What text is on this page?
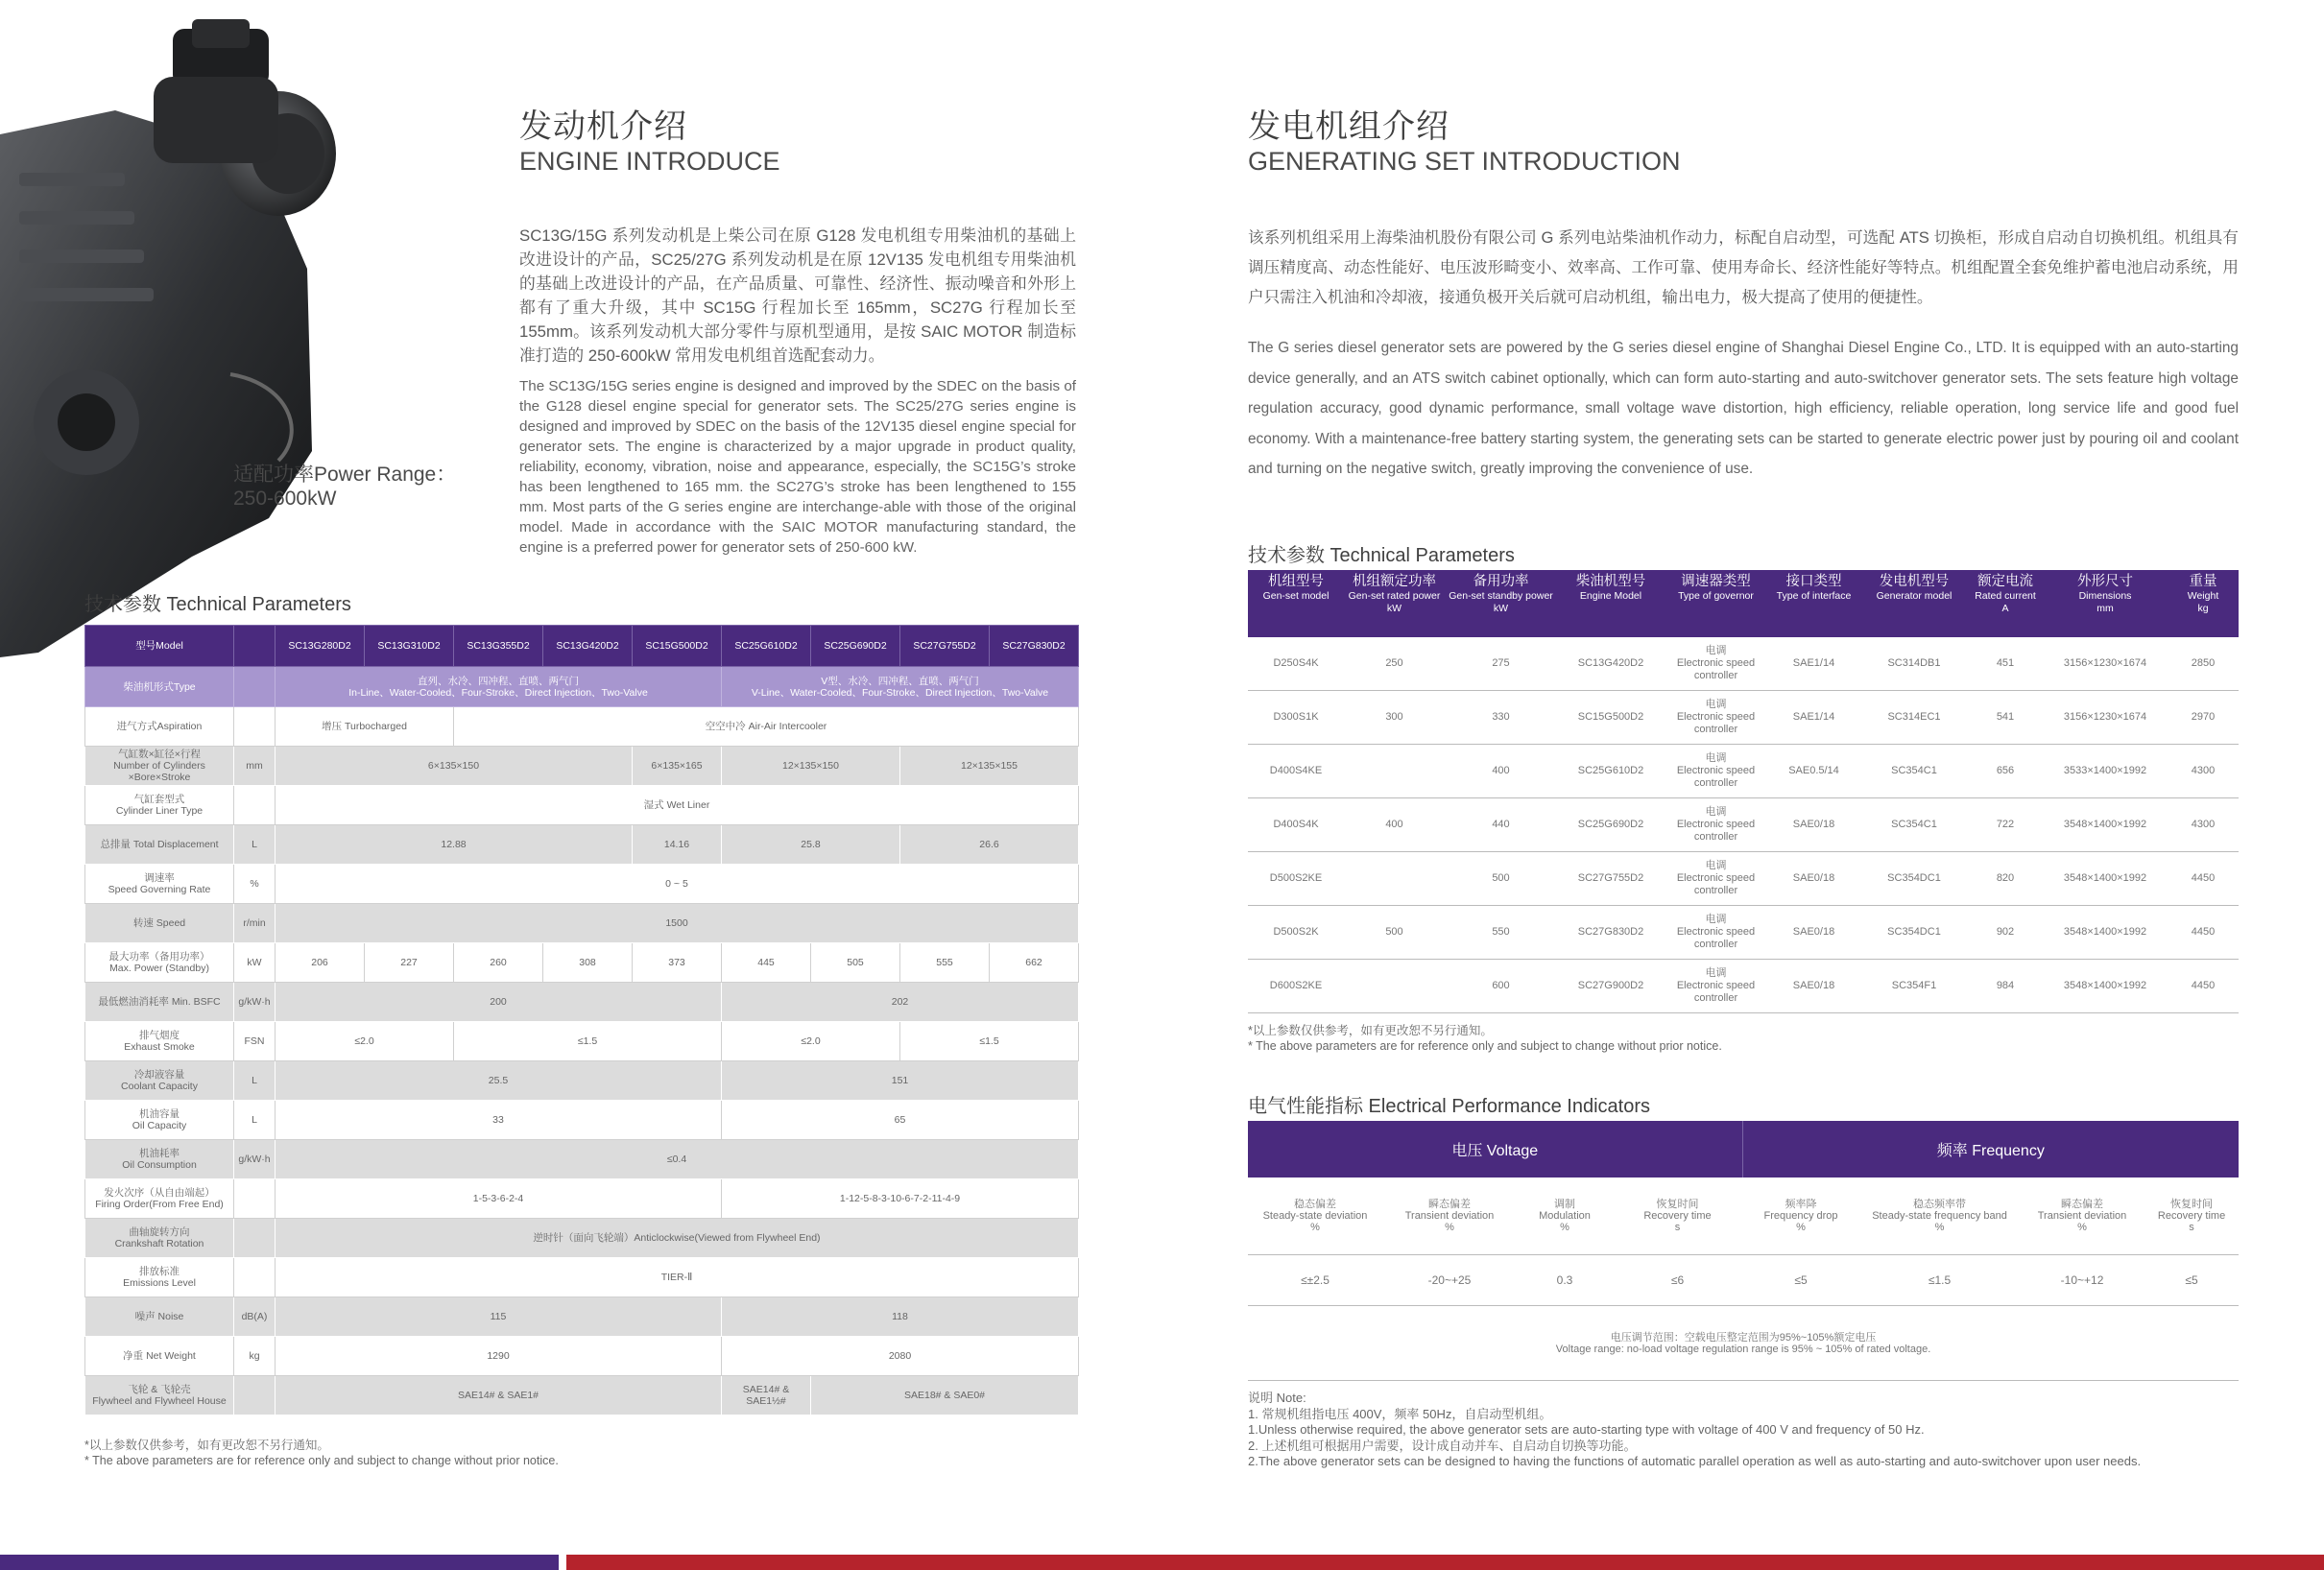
适配功率Power Range：
250-600kW
发动机介绍
ENGINE INTRODUCE
SC13G/15G 系列发动机是上柴公司在原 G128 发电机组专用柴油机的基础上改进设计的产品，SC25/27G 系列发动机是在原 12V135 发电机组专用柴油机的基础上改进设计的产品，在产品质量、可靠性、经济性、振动噪音和外形上都有了重大升级，其中 SC15G 行程加长至 165mm，SC27G 行程加长至 155mm。该系列发动机大部分零件与原机型通用，是按 SAIC MOTOR 制造标准打造的 250-600kW 常用发电机组首选配套动力。
The SC13G/15G series engine is designed and improved by the SDEC on the basis of the G128 diesel engine special for generator sets. The SC25/27G series engine is designed and improved by SDEC on the basis of the 12V135 diesel engine special for generator sets. The engine is characterized by a major upgrade in product quality, reliability, economy, vibration, noise and appearance, especially, the SC15G’s stroke has been lengthened to 165 mm. the SC27G’s stroke has been lengthened to 155 mm. Most parts of the G series engine are interchange-able with those of the original model. Made in accordance with the SAIC MOTOR manufacturing standard, the engine is a preferred power for generator sets of 250-600 kW.
技术参数 Technical Parameters
型号Model		SC13G280D2	SC13G310D2	SC13G355D2	SC13G420D2	SC15G500D2	SC25G610D2	SC25G690D2	SC27G755D2	SC27G830D2
柴油机形式Type		直列、水冷、四冲程、直喷、两气门
In-Line、Water-Cooled、Four-Stroke、Direct Injection、Two-Valve					V型、水冷、四冲程、直喷、两气门
V-Line、Water-Cooled、Four-Stroke、Direct Injection、Two-Valve			
进气方式Aspiration		增压 Turbocharged		空空中冷 Air-Air Intercooler						
气缸数×缸径×行程
Number of Cylinders
×Bore×Stroke	mm	6×135×150				6×135×165	12×135×150		12×135×155	
气缸套型式
Cylinder Liner Type		湿式 Wet Liner								
总排量 Total Displacement	L	12.88				14.16	25.8		26.6	
调速率
Speed Governing Rate	%	0 ~ 5								
转速 Speed	r/min	1500								
最大功率（备用功率）
Max. Power (Standby)	kW	206	227	260	308	373	445	505	555	662
最低燃油消耗率 Min. BSFC	g/kW·h	200					202			
排气烟度
Exhaust Smoke	FSN	≤2.0		≤1.5			≤2.0		≤1.5	
冷却液容量
Coolant Capacity	L	25.5					151			
机油容量
Oil Capacity	L	33					65			
机油耗率
Oil Consumption	g/kW·h	≤0.4								
发火次序（从自由端起）
Firing Order(From Free End)		1-5-3-6-2-4					1-12-5-8-3-10-6-7-2-11-4-9			
曲轴旋转方向
Crankshaft Rotation		逆时针（面向飞轮端）Anticlockwise(Viewed from Flywheel End)								
排放标准
Emissions Level		TIER-Ⅱ								
噪声 Noise	dB(A)	115					118			
净重 Net Weight	kg	1290					2080			
飞轮 & 飞轮壳
Flywheel and Flywheel House		SAE14# & SAE1#					SAE14# & SAE1½#	SAE18# & SAE0#		
*以上参数仅供参考，如有更改恕不另行通知。
* The above parameters are for reference only and subject to change without prior notice.
发电机组介绍
GENERATING SET INTRODUCTION
该系列机组采用上海柴油机股份有限公司 G 系列电站柴油机作动力，标配自启动型，可选配 ATS 切换柜，形成自启动自切换机组。机组具有调压精度高、动态性能好、电压波形畸变小、效率高、工作可靠、使用寿命长、经济性能好等特点。机组配置全套免维护蓄电池启动系统，用户只需注入机油和冷却液，接通负极开关后就可启动机组，输出电力，极大提高了使用的便捷性。
The G series diesel generator sets are powered by the G series diesel engine of Shanghai Diesel Engine Co., LTD. It is equipped with an auto-starting device generally, and an ATS switch cabinet optionally, which can form auto-starting and auto-switchover generator sets. The sets feature high voltage regulation accuracy, good dynamic performance, small voltage wave distortion, high efficiency, reliable operation, long service life and good fuel economy. With a maintenance-free battery starting system, the generating sets can be started to generate electric power just by pouring oil and coolant and turning on the negative switch, greatly improving the convenience of use.
技术参数 Technical Parameters
机组型号
Gen-set model	机组额定功率
Gen-set rated power
kW	备用功率
Gen-set standby power
kW	柴油机型号
Engine Model	调速器类型
Type of governor	接口类型
Type of interface	发电机型号
Generator model	额定电流
Rated current
A	外形尺寸
Dimensions
mm	重量
Weight
kg

D250S4K	250	275	SC13G420D2	电调
Electronic speed
controller	SAE1/14	SC314DB1	451	3156×1230×1674	2850
D300S1K	300	330	SC15G500D2	电调
Electronic speed
controller	SAE1/14	SC314EC1	541	3156×1230×1674	2970
D400S4KE		400	SC25G610D2	电调
Electronic speed
controller	SAE0.5/14	SC354C1	656	3533×1400×1992	4300
D400S4K	400	440	SC25G690D2	电调
Electronic speed
controller	SAE0/18	SC354C1	722	3548×1400×1992	4300
D500S2KE		500	SC27G755D2	电调
Electronic speed
controller	SAE0/18	SC354DC1	820	3548×1400×1992	4450
D500S2K	500	550	SC27G830D2	电调
Electronic speed
controller	SAE0/18	SC354DC1	902	3548×1400×1992	4450
D600S2KE		600	SC27G900D2	电调
Electronic speed
controller	SAE0/18	SC354F1	984	3548×1400×1992	4450
*以上参数仅供参考，如有更改恕不另行通知。
* The above parameters are for reference only and subject to change without prior notice.
电气性能指标 Electrical Performance Indicators
电压 Voltage				频率 Frequency			
稳态偏差
Steady-state deviation
%	瞬态偏差
Transient deviation
%	调制
Modulation
%	恢复时间
Recovery time
s	频率降
Frequency drop
%	稳态频率带
Steady-state frequency band
%	瞬态偏差
Transient deviation
%	恢复时间
Recovery time
s
≤±2.5	-20~+25	0.3	≤6	≤5	≤1.5	-10~+12	≤5

电压调节范围：空载电压整定范围为95%~105%额定电压
Voltage range: no-load voltage regulation range is 95% ~ 105% of rated voltage.							
说明 Note:
1. 常规机组指电压 400V，频率 50Hz，自启动型机组。
1.Unless otherwise required, the above generator sets are auto-starting type with voltage of 400 V and frequency of 50 Hz.
2. 上述机组可根据用户需要，设计成自动并车、自启动自切换等功能。
2.The above generator sets can be designed to having the functions of automatic parallel operation as well as auto-starting and auto-switchover upon user needs.
